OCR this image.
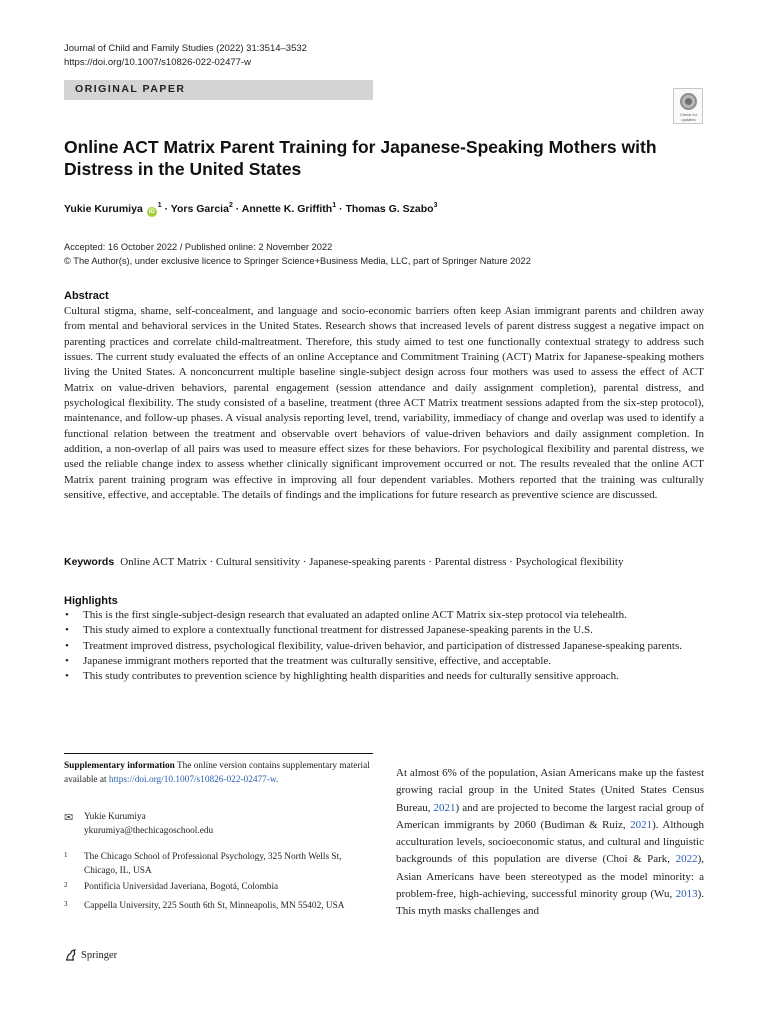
Journal of Child and Family Studies (2022) 31:3514–3532
https://doi.org/10.1007/s10826-022-02477-w
ORIGINAL PAPER
Check for updates
Online ACT Matrix Parent Training for Japanese-Speaking Mothers with Distress in the United States
Yukie Kurumiya $iD^1$ · Yors Garcia$^2$ · Annette K. Griffith$^1$ · Thomas G. Szabo$^3$
Accepted: 16 October 2022 / Published online: 2 November 2022
© The Author(s), under exclusive licence to Springer Science+Business Media, LLC, part of Springer Nature 2022
Abstract

Cultural stigma, shame, self-concealment, and language and socio-economic barriers often keep Asian immigrant parents and children away from mental and behavioral services in the United States. Research shows that increased levels of parent distress suggest a negative impact on parenting practices and correlate child-maltreatment. Therefore, this study aimed to test one functionally contextual strategy to address such issues. The current study evaluated the effects of an online Acceptance and Commitment Training (ACT) Matrix for Japanese-speaking mothers living the United States. A nonconcurrent multiple baseline single-subject design across four mothers was used to assess the effect of ACT Matrix on value-driven behaviors, parental engagement (session attendance and daily assignment completion), parental distress, and psychological flexibility. The study consisted of a baseline, treatment (three ACT Matrix treatment sessions adapted from the six-step protocol), maintenance, and follow-up phases. A visual analysis reporting level, trend, variability, immediacy of change and overlap was used to identify a functional relation between the treatment and observable overt behaviors of value-driven behaviors and daily assignment completion. In addition, a non-overlap of all pairs was used to measure effect sizes for these behaviors. For psychological flexibility and parental distress, we used the reliable change index to assess whether clinically significant improvement occurred or not. The results revealed that the online ACT Matrix parent training program was effective in improving all four dependent variables. Mothers reported that the training was culturally sensitive, effective, and acceptable. The details of findings and the implications for future research as preventive science are discussed.

Keywords Online ACT Matrix · Cultural sensitivity · Japanese-speaking parents · Parental distress · Psychological flexibility
Highlights
• This is the first single-subject-design research that evaluated an adapted online ACT Matrix six-step protocol via telehealth.
• This study aimed to explore a contextually functional treatment for distressed Japanese-speaking parents in the U.S.
• Treatment improved distress, psychological flexibility, value-driven behavior, and participation of distressed Japanese-speaking parents.
• Japanese immigrant mothers reported that the treatment was culturally sensitive, effective, and acceptable.
• This study contributes to prevention science by highlighting health disparities and needs for culturally sensitive approach.
Supplementary information The online version contains supplementary material available at https://doi.org/10.1007/s10826-022-02477-w.
✉ Yukie Kurumiya
ykurumiya@thechicagoschool.edu
1 The Chicago School of Professional Psychology, 325 North Wells St, Chicago, IL, USA
2 Pontificia Universidad Javeriana, Bogotá, Colombia
3 Cappella University, 225 South 6th St, Minneapolis, MN 55402, USA

At almost 6% of the population, Asian Americans make up the fastest growing racial group in the United States (United States Census Bureau, 2021) and are projected to become the largest racial group of American immigrants by 2060 (Budiman & Ruiz, 2021). Although acculturation levels, socioeconomic status, and cultural and linguistic backgrounds of this population are diverse (Choi & Park, 2022), Asian Americans have been stereotyped as the model minority: a problem-free, high-achieving, successful minority group (Wu, 2013). This myth masks challenges and

Springer
